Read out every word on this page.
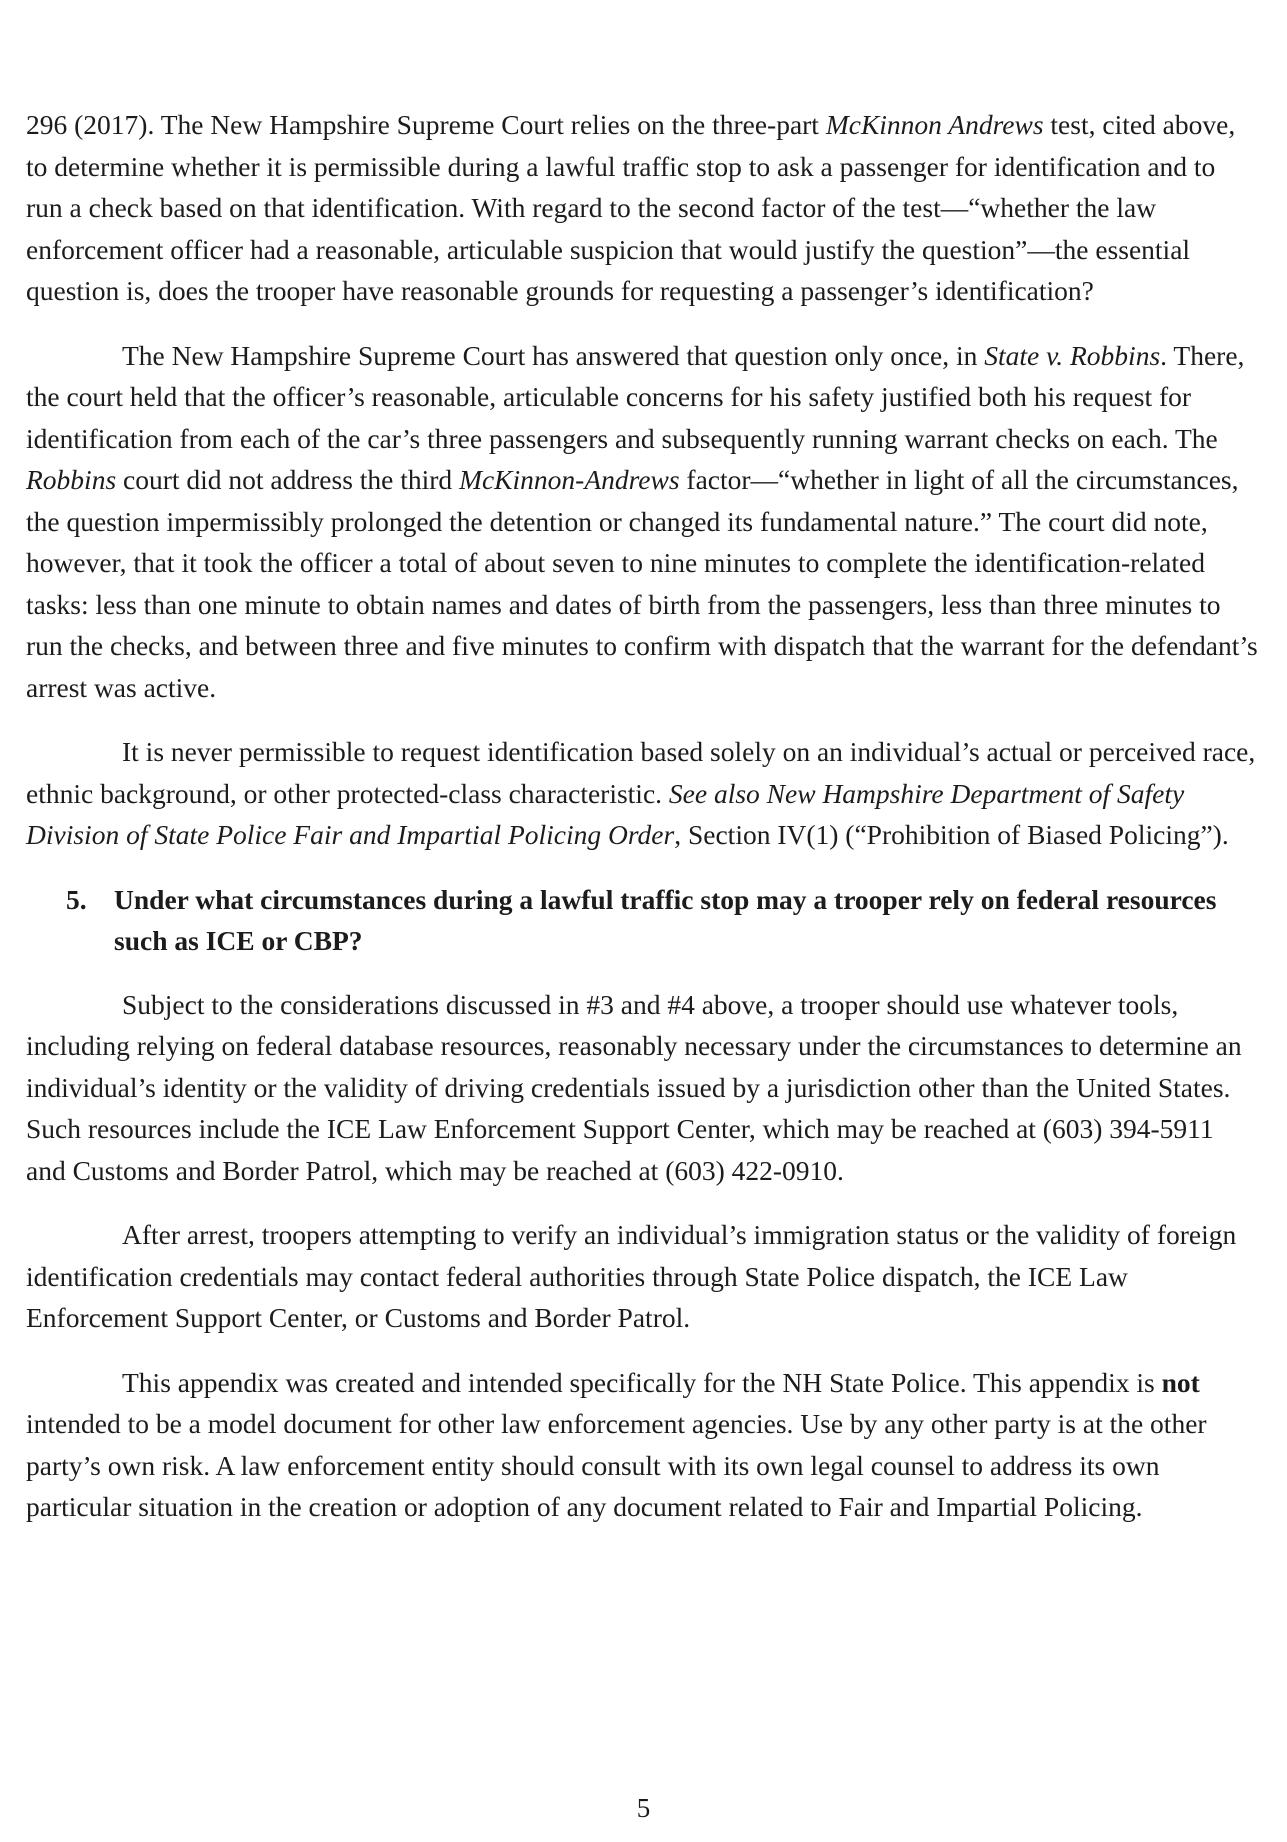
296 (2017). The New Hampshire Supreme Court relies on the three-part McKinnon Andrews test, cited above, to determine whether it is permissible during a lawful traffic stop to ask a passenger for identification and to run a check based on that identification. With regard to the second factor of the test—“whether the law enforcement officer had a reasonable, articulable suspicion that would justify the question”—the essential question is, does the trooper have reasonable grounds for requesting a passenger’s identification?

The New Hampshire Supreme Court has answered that question only once, in State v. Robbins. There, the court held that the officer’s reasonable, articulable concerns for his safety justified both his request for identification from each of the car’s three passengers and subsequently running warrant checks on each. The Robbins court did not address the third McKinnon-Andrews factor—“whether in light of all the circumstances, the question impermissibly prolonged the detention or changed its fundamental nature.” The court did note, however, that it took the officer a total of about seven to nine minutes to complete the identification-related tasks: less than one minute to obtain names and dates of birth from the passengers, less than three minutes to run the checks, and between three and five minutes to confirm with dispatch that the warrant for the defendant’s arrest was active.

It is never permissible to request identification based solely on an individual’s actual or perceived race, ethnic background, or other protected-class characteristic. See also New Hampshire Department of Safety Division of State Police Fair and Impartial Policing Order, Section IV(1) (“Prohibition of Biased Policing”).

5. Under what circumstances during a lawful traffic stop may a trooper rely on federal resources such as ICE or CBP?

Subject to the considerations discussed in #3 and #4 above, a trooper should use whatever tools, including relying on federal database resources, reasonably necessary under the circumstances to determine an individual’s identity or the validity of driving credentials issued by a jurisdiction other than the United States. Such resources include the ICE Law Enforcement Support Center, which may be reached at (603) 394-5911 and Customs and Border Patrol, which may be reached at (603) 422-0910.

After arrest, troopers attempting to verify an individual’s immigration status or the validity of foreign identification credentials may contact federal authorities through State Police dispatch, the ICE Law Enforcement Support Center, or Customs and Border Patrol.

This appendix was created and intended specifically for the NH State Police. This appendix is not intended to be a model document for other law enforcement agencies. Use by any other party is at the other party’s own risk. A law enforcement entity should consult with its own legal counsel to address its own particular situation in the creation or adoption of any document related to Fair and Impartial Policing.

5
